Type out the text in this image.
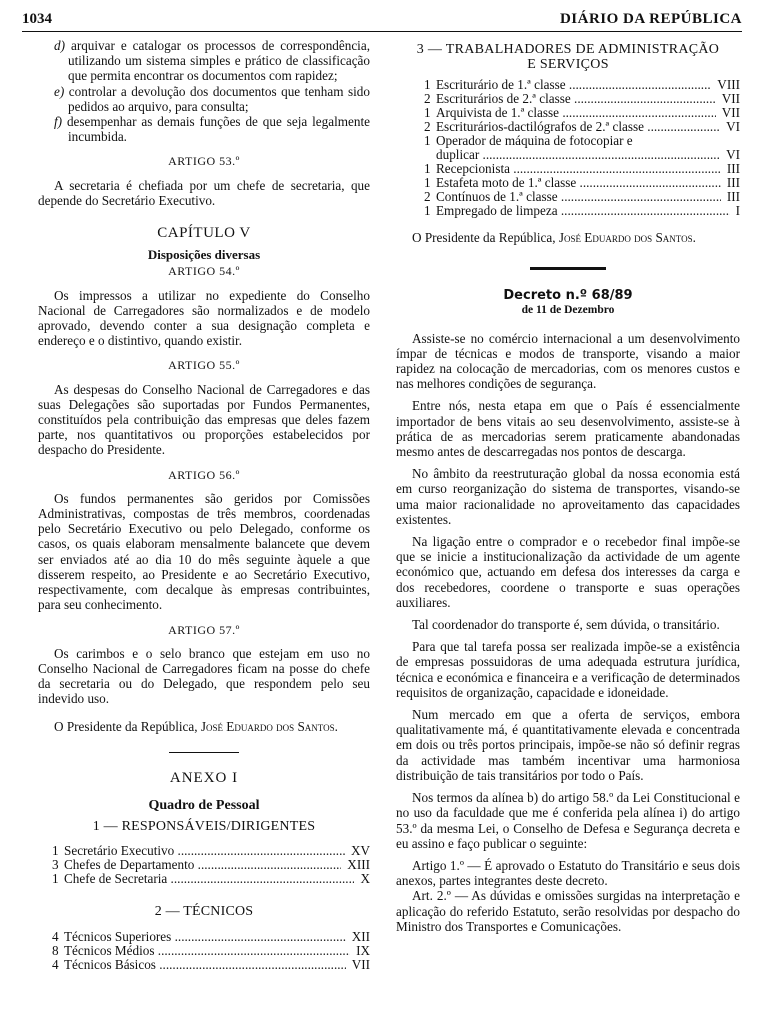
1034	DIÁRIO DA REPÚBLICA

d) arquivar e catalogar os processos de correspondência, utilizando um sistema simples e prático de classificação que permita encontrar os documentos com rapidez;

e) controlar a devolução dos documentos que tenham sido pedidos ao arquivo, para consulta;

f) desempenhar as demais funções de que seja legalmente incumbida.

ARTIGO 53.º

A secretaria é chefiada por um chefe de secretaria, que depende do Secretário Executivo.

CAPÍTULO V
Disposições diversas
ARTIGO 54.º

Os impressos a utilizar no expediente do Conselho Nacional de Carregadores são normalizados e de modelo aprovado, devendo conter a sua designação completa e endereço e o distintivo, quando existir.

ARTIGO 55.º

As despesas do Conselho Nacional de Carregadores e das suas Delegações são suportadas por Fundos Permanentes, constituídos pela contribuição das empresas que deles fazem parte, nos quantitativos ou proporções estabelecidos por despacho do Presidente.

ARTIGO 56.º

Os fundos permanentes são geridos por Comissões Administrativas, compostas de três membros, coordenadas pelo Secretário Executivo ou pelo Delegado, conforme os casos, os quais elaboram mensalmente balancete que devem ser enviados até ao dia 10 do mês seguinte àquele a que disserem respeito, ao Presidente e ao Secretário Executivo, respectivamente, com decalque às empresas contribuintes, para seu conhecimento.

ARTIGO 57.º

Os carimbos e o selo branco que estejam em uso no Conselho Nacional de Carregadores ficam na posse do chefe da secretaria ou do Delegado, que respondem pelo seu indevido uso.

O Presidente da República, José Eduardo dos Santos.

ANEXO I
Quadro de Pessoal
1 — RESPONSÁVEIS/DIRIGENTES
1 Secretário Executivo .....	XV
3 Chefes de Departamento .....	XIII
1 Chefe de Secretaria .....	X
2 — TÉCNICOS
4 Técnicos Superiores .....	XII
8 Técnicos Médios .....	IX
4 Técnicos Básicos .....	VII
3 — TRABALHADORES DE ADMINISTRAÇÃO
E SERVIÇOS
1 Escriturário de 1.ª classe .....	VIII
2 Escriturários de 2.ª classe .....	VII
1 Arquivista de 1.ª classe .....	VII
2 Escriturários-dactilógrafos de 2.ª classe .....	VI
1 Operador de máquina de fotocopiar e
duplicar .....	VI
1 Recepcionista .....	III
1 Estafeta moto de 1.ª classe .....	III
2 Contínuos de 1.ª classe .....	III
1 Empregado de limpeza .....	I

O Presidente da República, José Eduardo dos Santos.

Decreto n.º 68/89
de 11 de Dezembro

Assiste-se no comércio internacional a um desenvolvimento ímpar de técnicas e modos de transporte, visando a maior rapidez na colocação de mercadorias, com os menores custos e nas melhores condições de segurança.

Entre nós, nesta etapa em que o País é essencialmente importador de bens vitais ao seu desenvolvimento, assiste-se à prática de as mercadorias serem praticamente abandonadas mesmo antes de descarregadas nos pontos de descarga.

No âmbito da reestruturação global da nossa economia está em curso reorganização do sistema de transportes, visando-se uma maior racionalidade no aproveitamento das capacidades existentes.

Na ligação entre o comprador e o recebedor final impõe-se que se inicie a institucionalização da actividade de um agente económico que, actuando em defesa dos interesses da carga e dos recebedores, coordene o transporte e suas operações auxiliares.

Tal coordenador do transporte é, sem dúvida, o transitário.

Para que tal tarefa possa ser realizada impõe-se a existência de empresas possuidoras de uma adequada estrutura jurídica, técnica e económica e financeira e a verificação de determinados requisitos de organização, capacidade e idoneidade.

Num mercado em que a oferta de serviços, embora qualitativamente má, é quantitativamente elevada e concentrada em dois ou três portos principais, impõe-se não só definir regras da actividade mas também incentivar uma harmoniosa distribuição de tais transitários por todo o País.

Nos termos da alínea b) do artigo 58.º da Lei Constitucional e no uso da faculdade que me é conferida pela alínea i) do artigo 53.º da mesma Lei, o Conselho de Defesa e Segurança decreta e eu assino e faço publicar o seguinte:

Artigo 1.º — É aprovado o Estatuto do Transitário e seus dois anexos, partes integrantes deste decreto.

Art. 2.º — As dúvidas e omissões surgidas na interpretação e aplicação do referido Estatuto, serão resolvidas por despacho do Ministro dos Transportes e Comunicações.
